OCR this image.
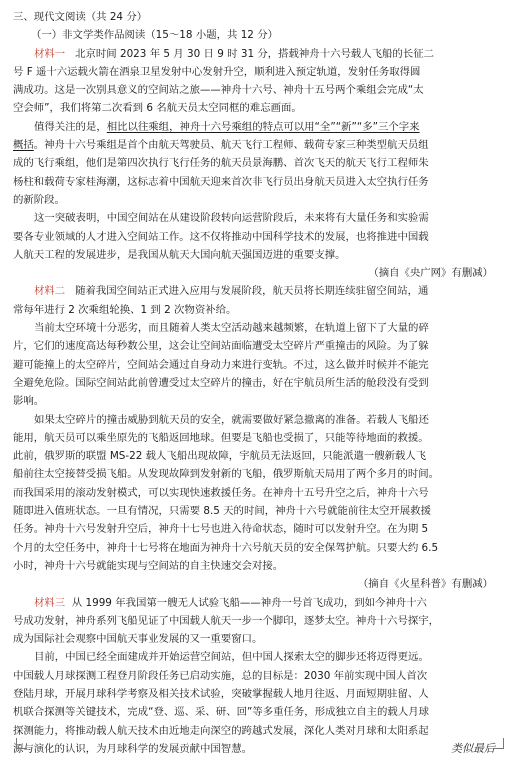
三、现代文阅读（共 24 分）
（一）非文学类作品阅读（15～18 小题，共 12 分）
材料一 北京时间 2023 年 5 月 30 日 9 时 31 分，搭载神舟十六号载人飞船的长征二
号 F 遥十六运载火箭在酒泉卫星发射中心发射升空，顺利进入预定轨道，发射任务取得圆
满成功。这是一次别具意义的空间站之旅——神舟十六号、神舟十五号两个乘组会完成“太
空会师”，我们将第二次看到 6 名航天员太空同框的难忘画面。
值得关注的是，相比以往乘组，神舟十六号乘组的特点可以用“全”“新”“多”三个字来
概括。神舟十六号乘组是首个由航天驾驶员、航天飞行工程师、载荷专家三种类型航天员组
成的飞行乘组，他们是第四次执行飞行任务的航天员景海鹏、首次飞天的航天飞行工程师朱
杨柱和载荷专家桂海潮，这标志着中国航天迎来首次非飞行员出身航天员进入太空执行任务
的新阶段。
这一突破表明，中国空间站在从建设阶段转向运营阶段后，未来将有大量任务和实验需
要各专业领域的人才进入空间站工作。这不仅将推动中国科学技术的发展，也将推进中国载
人航天工程的发展进步，是我国从航天大国向航天强国迈进的重要支撑。
（摘自《央广网》有删减）
材料二 随着我国空间站正式进入应用与发展阶段，航天员将长期连续驻留空间站，通
常每年进行 2 次乘组轮换、1 到 2 次物资补给。
当前太空环境十分恶劣，而且随着人类太空活动越来越频繁，在轨道上留下了大量的碎
片，它们的速度高达每秒数公里，这会让空间站面临遭受太空碎片严重撞击的风险。为了躲
避可能撞上的太空碎片，空间站会通过自身动力来进行变轨。不过，这么做并时候并不能完
全避免危险。国际空间站此前曾遭受过太空碎片的撞击，好在宇航员所生活的舱段没有受到
影响。
如果太空碎片的撞击威胁到航天员的安全，就需要做好紧急撤离的准备。若载人飞船还
能用，航天员可以乘坐原先的飞船返回地球。但要是飞船也受损了，只能等待地面的救援。
此前，俄罗斯的联盟 MS-22 载人飞船出现故障，宇航员无法返回，只能派遣一艘新载人飞
船前往太空接替受损飞船。从发现故障到发射新的飞船，俄罗斯航天局用了两个多月的时间。
而我国采用的滚动发射模式，可以实现快速救援任务。在神舟十五号升空之后，神舟十六号
随即进入值班状态。一旦有情况，只需要 8.5 天的时间，神舟十六号就能前往太空开展救援
任务。神舟十六号发射升空后，神舟十七号也进入待命状态，随时可以发射升空。在为期 5
个月的太空任务中，神舟十七号将在地面为神舟十六号航天员的安全保驾护航。只要大约 6.5
小时，神舟十六号就能实现与空间站的自主快速交会对接。
（摘自《火星科普》有删减）
材料三 从 1999 年我国第一艘无人试验飞船——神舟一号首飞成功，到如今神舟十六
号成功发射，神舟系列飞船见证了中国载人航天一步一个脚印，逐梦太空。神舟十六号探宇，
成为国际社会观察中国航天事业发展的又一重要窗口。
目前，中国已经全面建成并开始运营空间站，但中国人探索太空的脚步还将迈得更远。
中国载人月球探测工程登月阶段任务已启动实施，总的目标是：2030 年前实现中国人首次
登陆月球，开展月球科学考察及相关技术试验，突破掌握载人地月往返、月面短期驻留、人
机联合探测等关键技术，完成“登、巡、采、研、回”等多重任务，形成独立自主的载人月球
探测能力，将推动载人航天技术由近地走向深空的跨越式发展，深化人类对月球和太阳系起
源与演化的认识，为月球科学的发展贡献中国智慧。	类似最后
